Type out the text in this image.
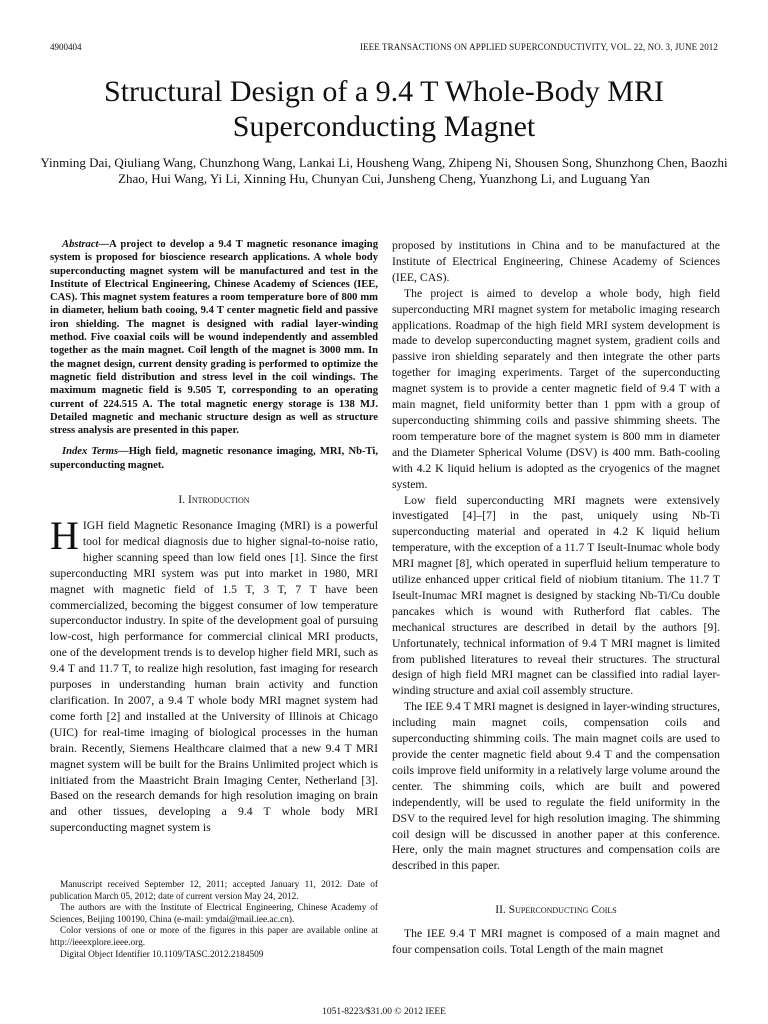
4900404	IEEE TRANSACTIONS ON APPLIED SUPERCONDUCTIVITY, VOL. 22, NO. 3, JUNE 2012
Structural Design of a 9.4 T Whole-Body MRI Superconducting Magnet
Yinming Dai, Qiuliang Wang, Chunzhong Wang, Lankai Li, Housheng Wang, Zhipeng Ni, Shousen Song, Shunzhong Chen, Baozhi Zhao, Hui Wang, Yi Li, Xinning Hu, Chunyan Cui, Junsheng Cheng, Yuanzhong Li, and Luguang Yan

Abstract—A project to develop a 9.4 T magnetic resonance imaging system is proposed for bioscience research applications. A whole body superconducting magnet system will be manufactured and test in the Institute of Electrical Engineering, Chinese Academy of Sciences (IEE, CAS). This magnet system features a room temperature bore of 800 mm in diameter, helium bath cooing, 9.4 T center magnetic field and passive iron shielding. The magnet is designed with radial layer-winding method. Five coaxial coils will be wound independently and assembled together as the main magnet. Coil length of the magnet is 3000 mm. In the magnet design, current density grading is performed to optimize the magnetic field distribution and stress level in the coil windings. The maximum magnetic field is 9.505 T, corresponding to an operating current of 224.515 A. The total magnetic energy storage is 138 MJ. Detailed magnetic and mechanic structure design as well as structure stress analysis are presented in this paper.

Index Terms—High field, magnetic resonance imaging, MRI, Nb-Ti, superconducting magnet.

I. Introduction

HIGH field Magnetic Resonance Imaging (MRI) is a powerful tool for medical diagnosis due to higher signal-to-noise ratio, higher scanning speed than low field ones [1]. Since the first superconducting MRI system was put into market in 1980, MRI magnet with magnetic field of 1.5 T, 3 T, 7 T have been commercialized, becoming the biggest consumer of low temperature superconductor industry. In spite of the development goal of pursuing low-cost, high performance for commercial clinical MRI products, one of the development trends is to develop higher field MRI, such as 9.4 T and 11.7 T, to realize high resolution, fast imaging for research purposes in understanding human brain activity and function clarification. In 2007, a 9.4 T whole body MRI magnet system had come forth [2] and installed at the University of Illinois at Chicago (UIC) for real-time imaging of biological processes in the human brain. Recently, Siemens Healthcare claimed that a new 9.4 T MRI magnet system will be built for the Brains Unlimited project which is initiated from the Maastricht Brain Imaging Center, Netherland [3]. Based on the research demands for high resolution imaging on brain and other tissues, developing a 9.4 T whole body MRI superconducting magnet system is

Manuscript received September 12, 2011; accepted January 11, 2012. Date of publication March 05, 2012; date of current version May 24, 2012.

The authors are with the Institute of Electrical Engineering, Chinese Academy of Sciences, Beijing 100190, China (e-mail: ymdai@mail.iee.ac.cn).

Color versions of one or more of the figures in this paper are available online at http://ieeexplore.ieee.org.

Digital Object Identifier 10.1109/TASC.2012.2184509

proposed by institutions in China and to be manufactured at the Institute of Electrical Engineering, Chinese Academy of Sciences (IEE, CAS).

The project is aimed to develop a whole body, high field superconducting MRI magnet system for metabolic imaging research applications. Roadmap of the high field MRI system development is made to develop superconducting magnet system, gradient coils and passive iron shielding separately and then integrate the other parts together for imaging experiments. Target of the superconducting magnet system is to provide a center magnetic field of 9.4 T with a main magnet, field uniformity better than 1 ppm with a group of superconducting shimming coils and passive shimming sheets. The room temperature bore of the magnet system is 800 mm in diameter and the Diameter Spherical Volume (DSV) is 400 mm. Bath-cooling with 4.2 K liquid helium is adopted as the cryogenics of the magnet system.

Low field superconducting MRI magnets were extensively investigated [4]–[7] in the past, uniquely using Nb-Ti superconducting material and operated in 4.2 K liquid helium temperature, with the exception of a 11.7 T Iseult-Inumac whole body MRI magnet [8], which operated in superfluid helium temperature to utilize enhanced upper critical field of niobium titanium. The 11.7 T Iseult-Inumac MRI magnet is designed by stacking Nb-Ti/Cu double pancakes which is wound with Rutherford flat cables. The mechanical structures are described in detail by the authors [9]. Unfortunately, technical information of 9.4 T MRI magnet is limited from published literatures to reveal their structures. The structural design of high field MRI magnet can be classified into radial layer-winding structure and axial coil assembly structure.

The IEE 9.4 T MRI magnet is designed in layer-winding structures, including main magnet coils, compensation coils and superconducting shimming coils. The main magnet coils are used to provide the center magnetic field about 9.4 T and the compensation coils improve field uniformity in a relatively large volume around the center. The shimming coils, which are built and powered independently, will be used to regulate the field uniformity in the DSV to the required level for high resolution imaging. The shimming coil design will be discussed in another paper at this conference. Here, only the main magnet structures and compensation coils are described in this paper.

II. Superconducting Coils

The IEE 9.4 T MRI magnet is composed of a main magnet and four compensation coils. Total Length of the main magnet

1051-8223/$31.00 © 2012 IEEE
